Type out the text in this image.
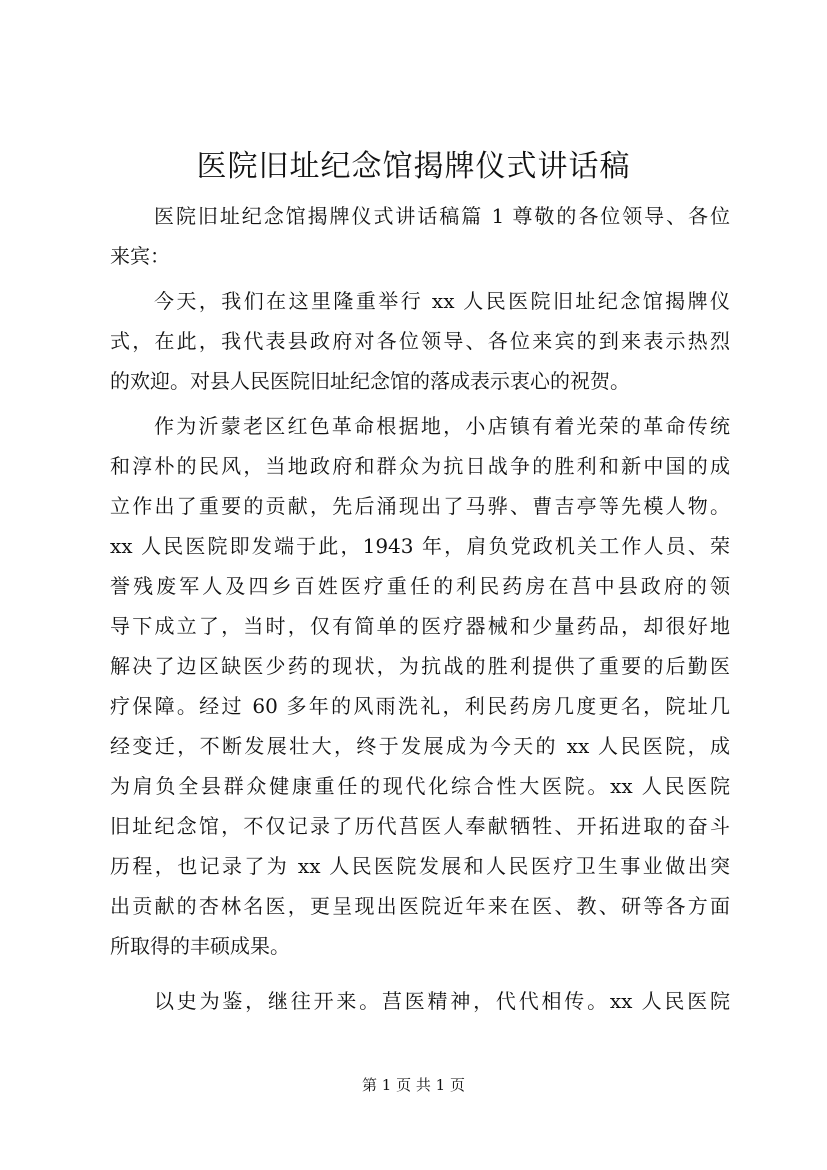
医院旧址纪念馆揭牌仪式讲话稿

医院旧址纪念馆揭牌仪式讲话稿篇 1 尊敬的各位领导、各位

来宾：

今天，我们在这里隆重举行 xx 人民医院旧址纪念馆揭牌仪

式，在此，我代表县政府对各位领导、各位来宾的到来表示热烈

的欢迎。对县人民医院旧址纪念馆的落成表示衷心的祝贺。

作为沂蒙老区红色革命根据地，小店镇有着光荣的革命传统

和淳朴的民风，当地政府和群众为抗日战争的胜利和新中国的成

立作出了重要的贡献，先后涌现出了马骅、曹吉亭等先模人物。

xx 人民医院即发端于此，1943 年，肩负党政机关工作人员、荣

誉残废军人及四乡百姓医疗重任的利民药房在莒中县政府的领

导下成立了，当时，仅有简单的医疗器械和少量药品，却很好地

解决了边区缺医少药的现状，为抗战的胜利提供了重要的后勤医

疗保障。经过 60 多年的风雨洗礼，利民药房几度更名，院址几

经变迁，不断发展壮大，终于发展成为今天的 xx 人民医院，成

为肩负全县群众健康重任的现代化综合性大医院。xx 人民医院

旧址纪念馆，不仅记录了历代莒医人奉献牺牲、开拓进取的奋斗

历程，也记录了为 xx 人民医院发展和人民医疗卫生事业做出突

出贡献的杏林名医，更呈现出医院近年来在医、教、研等各方面

所取得的丰硕成果。

以史为鉴，继往开来。莒医精神，代代相传。xx 人民医院

第 1 页 共 1 页
